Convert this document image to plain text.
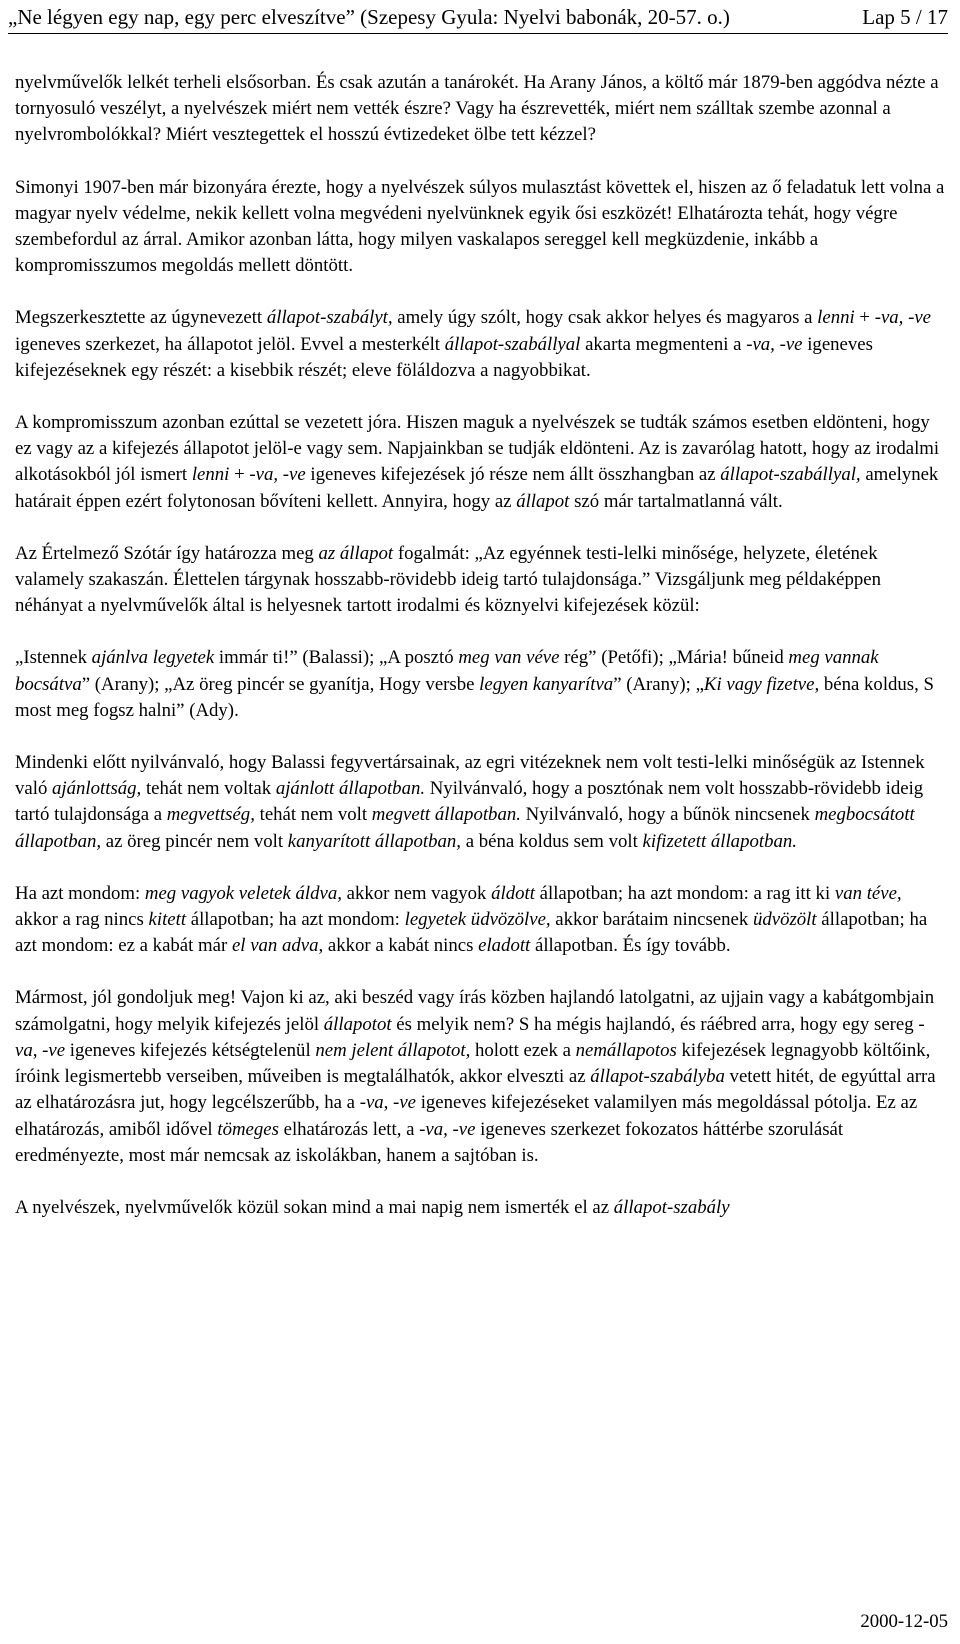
„Ne légyen egy nap, egy perc elveszítve” (Szepesy Gyula: Nyelvi babonák, 20-57. o.)	Lap 5 / 17

nyelvművelők lelkét terheli elsősorban. És csak azután a tanárokét. Ha Arany János, a költő már 1879-ben aggódva nézte a tornyosuló veszélyt, a nyelvészek miért nem vették észre? Vagy ha észrevették, miért nem szálltak szembe azonnal a nyelvrombolókkal? Miért vesztegettek el hosszú évtizedeket ölbe tett kézzel?

Simonyi 1907-ben már bizonyára érezte, hogy a nyelvészek súlyos mulasztást követtek el, hiszen az ő feladatuk lett volna a magyar nyelv védelme, nekik kellett volna megvédeni nyelvünknek egyik ősi eszközét! Elhatározta tehát, hogy végre szembefordul az árral. Amikor azonban látta, hogy milyen vaskalapos sereggel kell megküzdenie, inkább a kompromisszumos megoldás mellett döntött.

Megszerkesztette az úgynevezett állapot-szabályt, amely úgy szólt, hogy csak akkor helyes és magyaros a lenni + -va, -ve igeneves szerkezet, ha állapotot jelöl. Evvel a mesterkélt állapot-szabállyal akarta megmenteni a -va, -ve igeneves kifejezéseknek egy részét: a kisebbik részét; eleve föláldozva a nagyobbikat.

A kompromisszum azonban ezúttal se vezetett jóra. Hiszen maguk a nyelvészek se tudták számos esetben eldönteni, hogy ez vagy az a kifejezés állapotot jelöl-e vagy sem. Napjainkban se tudják eldönteni. Az is zavarólag hatott, hogy az irodalmi alkotásokból jól ismert lenni + -va, -ve igeneves kifejezések jó része nem állt összhangban az állapot-szabállyal, amelynek határait éppen ezért folytonosan bővíteni kellett. Annyira, hogy az állapot szó már tartalmatlanná vált.

Az Értelmező Szótár így határozza meg az állapot fogalmát: „Az egyénnek testi-lelki minősége, helyzete, életének valamely szakaszán. Élettelen tárgynak hosszabb-rövidebb ideig tartó tulajdonsága.” Vizsgáljunk meg példaképpen néhányat a nyelvművelők által is helyesnek tartott irodalmi és köznyelvi kifejezések közül:

„Istennek ajánlva legyetek immár ti!” (Balassi); „A posztó meg van véve rég” (Petőfi); „Mária! bűneid meg vannak bocsátva” (Arany); „Az öreg pincér se gyanítja, Hogy versbe legyen kanyarítva” (Arany); „Ki vagy fizetve, béna koldus, S most meg fogsz halni” (Ady).

Mindenki előtt nyilvánvaló, hogy Balassi fegyvertársainak, az egri vitézeknek nem volt testi-lelki minőségük az Istennek való ajánlottság, tehát nem voltak ajánlott állapotban. Nyilvánvaló, hogy a posztónak nem volt hosszabb-rövidebb ideig tartó tulajdonsága a megvettség, tehát nem volt megvett állapotban. Nyilvánvaló, hogy a bűnök nincsenek megbocsátott állapotban, az öreg pincér nem volt kanyarított állapotban, a béna koldus sem volt kifizetett állapotban.

Ha azt mondom: meg vagyok veletek áldva, akkor nem vagyok áldott állapotban; ha azt mondom: a rag itt ki van téve, akkor a rag nincs kitett állapotban; ha azt mondom: legyetek üdvözölve, akkor barátaim nincsenek üdvözölt állapotban; ha azt mondom: ez a kabát már el van adva, akkor a kabát nincs eladott állapotban. És így tovább.

Mármost, jól gondoljuk meg! Vajon ki az, aki beszéd vagy írás közben hajlandó latolgatni, az ujjain vagy a kabátgombjain számolgatni, hogy melyik kifejezés jelöl állapotot és melyik nem? S ha mégis hajlandó, és ráébred arra, hogy egy sereg -va, -ve igeneves kifejezés kétségtelenül nem jelent állapotot, holott ezek a nemállapotos kifejezések legnagyobb költőink, íróink legismertebb verseiben, műveiben is megtalálhatók, akkor elveszti az állapot-szabályba vetett hitét, de egyúttal arra az elhatározásra jut, hogy legcélszerűbb, ha a -va, -ve igeneves kifejezéseket valamilyen más megoldással pótolja. Ez az elhatározás, amiből idővel tömeges elhatározás lett, a -va, -ve igeneves szerkezet fokozatos háttérbe szorulását eredményezte, most már nemcsak az iskolákban, hanem a sajtóban is.

A nyelvészek, nyelvművelők közül sokan mind a mai napig nem ismerték el az állapot-szabály

2000-12-05
